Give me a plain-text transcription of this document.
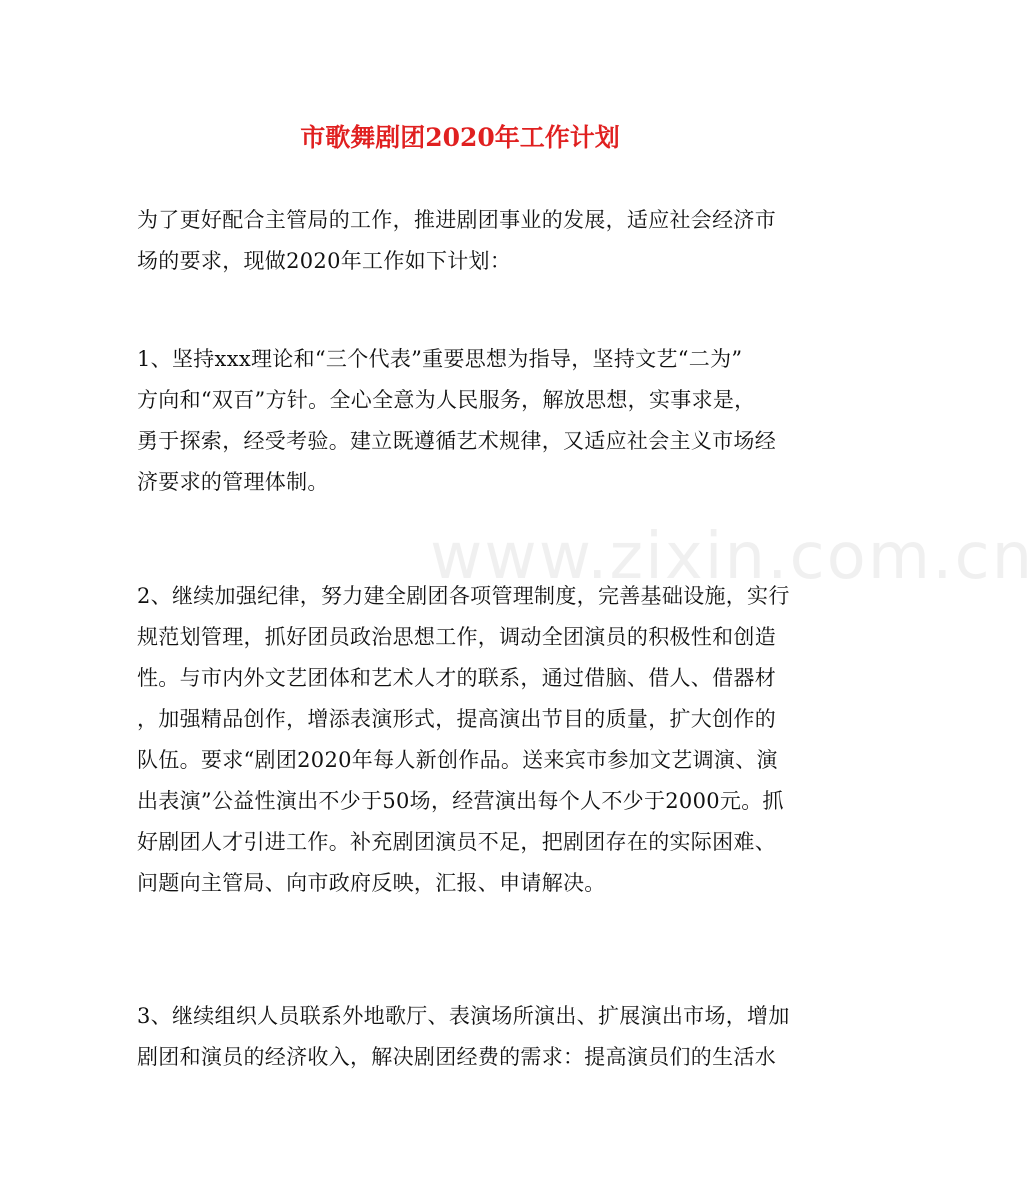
市歌舞剧团2020年工作计划
为了更好配合主管局的工作，推进剧团事业的发展，适应社会经济市
场的要求，现做2020年工作如下计划：
1、坚持xxx理论和“三个代表”重要思想为指导，坚持文艺“二为”
方向和“双百”方针。全心全意为人民服务，解放思想，实事求是，
勇于探索，经受考验。建立既遵循艺术规律，又适应社会主义市场经
济要求的管理体制。
2、继续加强纪律，努力建全剧团各项管理制度，完善基础设施，实行
规范划管理，抓好团员政治思想工作，调动全团演员的积极性和创造
性。与市内外文艺团体和艺术人才的联系，通过借脑、借人、借器材
，加强精品创作，增添表演形式，提高演出节目的质量，扩大创作的
队伍。要求“剧团2020年每人新创作品。送来宾市参加文艺调演、演
出表演”公益性演出不少于50场，经营演出每个人不少于2000元。抓
好剧团人才引进工作。补充剧团演员不足，把剧团存在的实际困难、
问题向主管局、向市政府反映，汇报、申请解决。
3、继续组织人员联系外地歌厅、表演场所演出、扩展演出市场，增加
剧团和演员的经济收入，解决剧团经费的需求：提高演员们的生活水
www.zixin.com.cn
